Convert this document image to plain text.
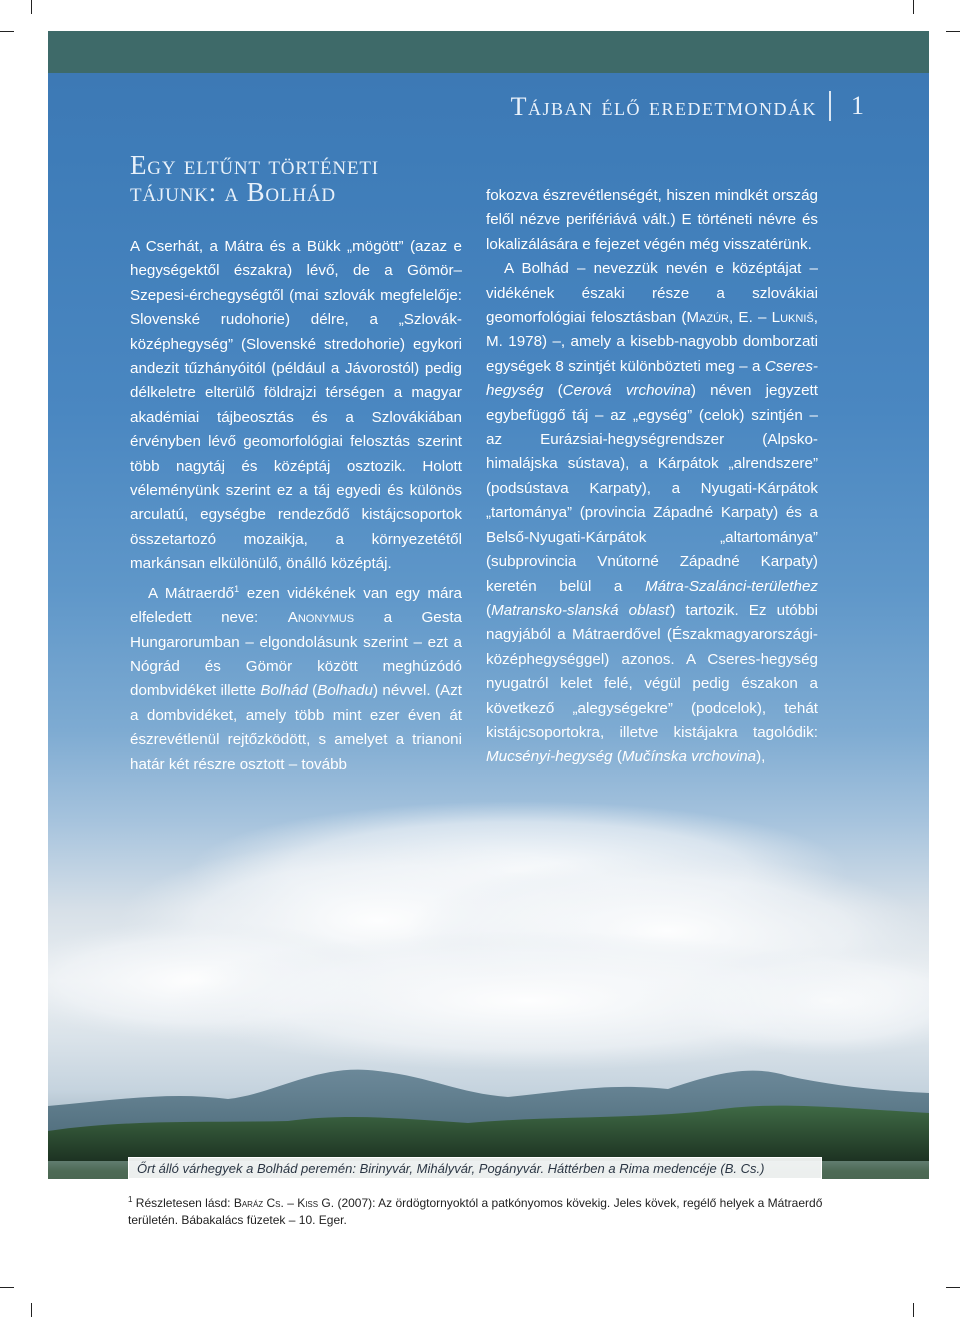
Tájban élő eredetmondák	1
Egy eltűnt történeti
tájunk: a Bolhád

A Cserhát, a Mátra és a Bükk „mögött” (azaz e hegységektől északra) lévő, de a Gömör–Szepesi-érchegységtől (mai szlovák megfelelője: Slovenské rudohorie) délre, a „Szlovák-középhegység” (Slovenské stredohorie) egykori andezit tűzhányóitól (például a Jávorostól) pedig délkeletre elterülő földrajzi térségen a magyar akadémiai tájbeosztás és a Szlovákiában érvényben lévő geomorfológiai felosztás szerint több nagytáj és középtáj osztozik. Holott véleményünk szerint ez a táj egyedi és különös arculatú, egységbe rendeződő kistájcsoportok összetartozó mozaikja, a környezetétől markánsan elkülönülő, önálló középtáj.

A Mátraerdő$^1$ ezen vidékének van egy mára elfeledett neve: Anonymus a Gesta Hungarorumban – elgondolásunk szerint – ezt a Nógrád és Gömör között meghúzódó dombvidéket illette Bolhád (Bolhadu) névvel. (Azt a dombvidéket, amely több mint ezer éven át észrevétlenül rejtőzködött, s amelyet a trianoni határ két részre osztott – tovább

fokozva észrevétlenségét, hiszen mindkét ország felől nézve perifériává vált.) E történeti névre és lokalizálására e fejezet végén még visszatérünk.

A Bolhád – nevezzük nevén e középtájat – vidékének északi része a szlovákiai geomorfológiai felosztásban (Mazúr, E. – Lukniš, M. 1978) –, amely a kisebb-nagyobb domborzati egységek 8 szintjét különbözteti meg – a Cseres-hegység (Cerová vrchovina) néven jegyzett egybefüggő táj – az „egység” (celok) szintjén – az Eurázsiai-hegységrendszer (Alpsko-himalájska sústava), a Kárpátok „alrendszere” (podsústava Karpaty), a Nyugati-Kárpátok „tartománya” (provincia Západné Karpaty) és a Belső-Nyugati-Kárpátok „altartománya” (subprovincia Vnútorné Západné Karpaty) keretén belül a Mátra-Szalánci-területhez (Matransko-slanská oblasť) tartozik. Ez utóbbi nagyjából a Mátraerdővel (Északmagyarországi-középhegységgel) azonos. A Cseres-hegység nyugatról kelet felé, végül pedig északon a következő „alegységekre” (podcelok), tehát kistájcsoportokra, illetve kistájakra tagolódik: Mucsényi-hegység (Mučínska vrchovina),

Őrt álló várhegyek a Bolhád peremén: Birinyvár, Mihályvár, Pogányvár. Háttérben a Rima medencéje (B. Cs.)
$^1$ Részletesen lásd: Baráz Cs. – Kiss G. (2007): Az ördögtornyoktól a patkónyomos kövekig. Jeles kövek, regélő helyek a Mátraerdő területén. Bábakalács füzetek – 10. Eger.
